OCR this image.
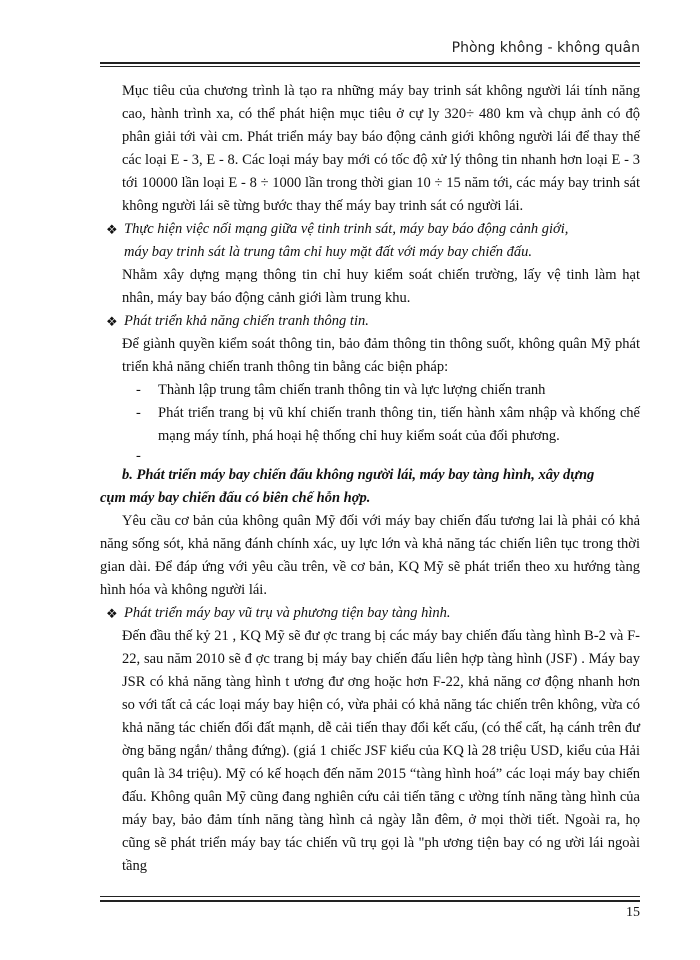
Phòng không - không quân

Mục tiêu của chương trình là tạo ra những máy bay trinh sát không người lái tính năng cao, hành trình xa, có thể phát hiện mục tiêu ở cự ly 320÷ 480 km và chụp ảnh có độ phân giải tới vài cm. Phát triển máy bay báo động cảnh giới không người lái để thay thế các loại E - 3, E - 8. Các loại máy bay mới có tốc độ xử lý thông tin nhanh hơn loại E - 3 tới 10000 lần loại E - 8 ÷ 1000 lần trong thời gian 10 ÷ 15 năm tới, các máy bay trinh sát không người lái sẽ từng bước thay thế máy bay trinh sát có người lái.

❖ Thực hiện việc nối mạng giữa vệ tinh trinh sát, máy bay báo động cảnh giới,

máy bay trinh sát là trung tâm chỉ huy mặt đất với máy bay chiến đấu.

Nhằm xây dựng mạng thông tin chỉ huy kiểm soát chiến trường, lấy vệ tinh làm hạt nhân, máy bay báo động cảnh giới làm trung khu.

❖ Phát triển khả năng chiến tranh thông tin.

Để giành quyền kiểm soát thông tin, bảo đảm thông tin thông suốt, không quân Mỹ phát triển khả năng chiến tranh thông tin bằng các biện pháp:

- Thành lập trung tâm chiến tranh thông tin và lực lượng chiến tranh
- Phát triển trang bị vũ khí chiến tranh thông tin, tiến hành xâm nhập và khống chế mạng máy tính, phá hoại hệ thống chỉ huy kiểm soát của đối phương.
-
b. Phát triển máy bay chiến đấu không người lái, máy bay tàng hình, xây dựng
cụm máy bay chiến đấu có biên chế hỗn hợp.

Yêu cầu cơ bản của không quân Mỹ đối với máy bay chiến đấu tương lai là phải có khả năng sống sót, khả năng đánh chính xác, uy lực lớn và khả năng tác chiến liên tục trong thời gian dài. Để đáp ứng với yêu cầu trên, về cơ bản, KQ Mỹ sẽ phát triển theo xu hướng tàng hình hóa và không người lái.

❖ Phát triển máy bay vũ trụ và phương tiện bay tàng hình.

Đến đầu thế kỷ 21 , KQ Mỹ sẽ đư ợc trang bị các máy bay chiến đấu tàng hình B-2 và F-22, sau năm 2010 sẽ đ ợc trang bị máy bay chiến đấu liên hợp tàng hình (JSF) . Máy bay JSR có khả năng tàng hình t ương đư ơng hoặc hơn F-22, khả năng cơ động nhanh hơn so với tất cả các loại máy bay hiện có, vừa phải có khả năng tác chiến trên không, vừa có khả năng tác chiến đối đất mạnh, dễ cải tiến thay đổi kết cấu, (có thể cất, hạ cánh trên đư ờng băng ngắn/ thẳng đứng). (giá 1 chiếc JSF kiểu của KQ là 28 triệu USD, kiểu của Hải quân là 34 triệu). Mỹ có kế hoạch đến năm 2015 “tàng hình hoá” các loại máy bay chiến đấu. Không quân Mỹ cũng đang nghiên cứu cải tiến tăng c ường tính năng tàng hình của máy bay, bảo đảm tính năng tàng hình cả ngày lẫn đêm, ở mọi thời tiết. Ngoài ra, họ cũng sẽ phát triển máy bay tác chiến vũ trụ gọi là "ph ương tiện bay có ng ười lái ngoài tầng

15
